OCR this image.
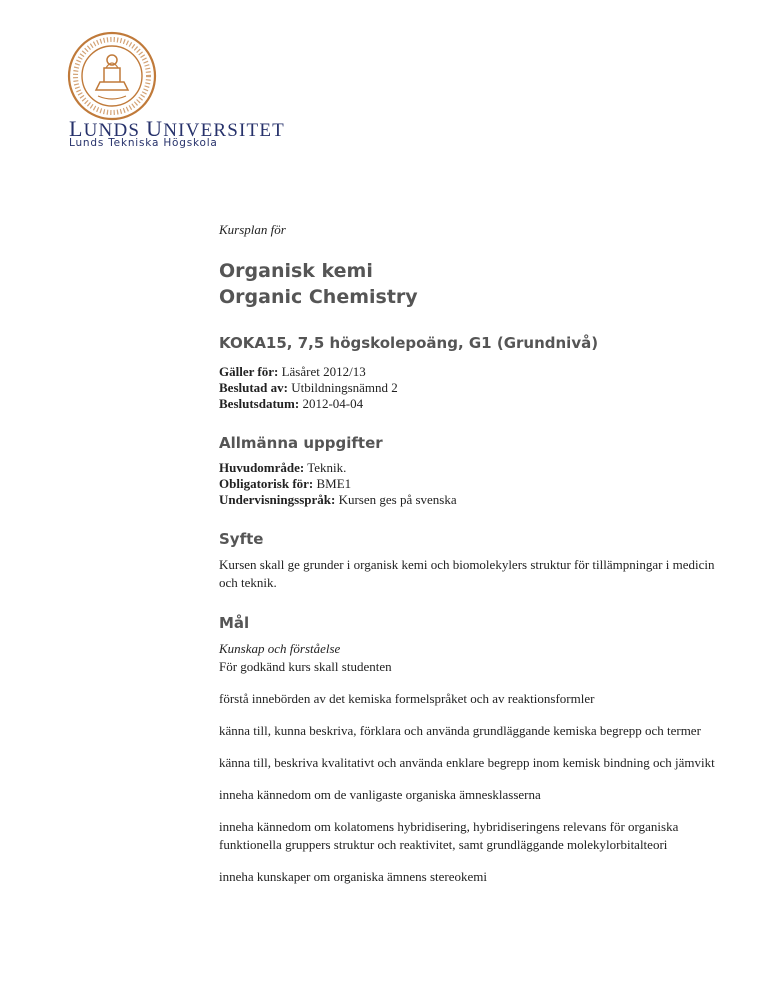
LUNDS UNIVERSITET
Lunds Tekniska Högskola

Kursplan för

Organisk kemi
Organic Chemistry
KOKA15, 7,5 högskolepoäng, G1 (Grundnivå)

Gäller för: Läsåret 2012/13

Beslutad av: Utbildningsnämnd 2

Beslutsdatum: 2012-04-04

Allmänna uppgifter

Huvudområde: Teknik.

Obligatorisk för: BME1

Undervisningsspråk: Kursen ges på svenska

Syfte

Kursen skall ge grunder i organisk kemi och biomolekylers struktur för tillämpningar i medicin och teknik.

Mål

Kunskap och förståelse

För godkänd kurs skall studenten

förstå innebörden av det kemiska formelspråket och av reaktionsformler

känna till, kunna beskriva, förklara och använda grundläggande kemiska begrepp och termer

känna till, beskriva kvalitativt och använda enklare begrepp inom kemisk bindning och jämvikt

inneha kännedom om de vanligaste organiska ämnesklasserna

inneha kännedom om kolatomens hybridisering, hybridiseringens relevans för organiska funktionella gruppers struktur och reaktivitet, samt grundläggande molekylorbitalteori

inneha kunskaper om organiska ämnens stereokemi
